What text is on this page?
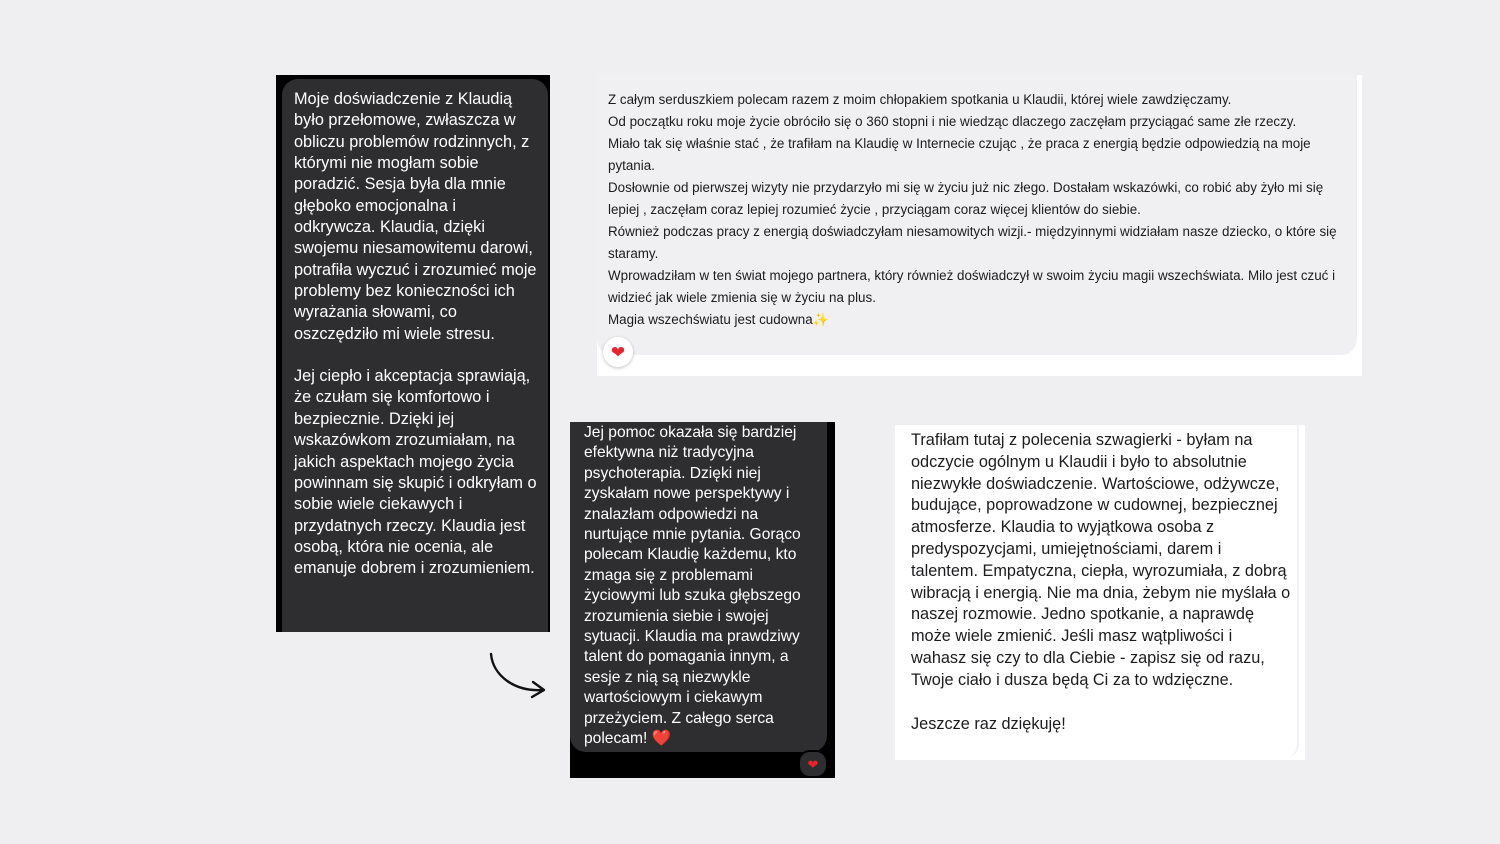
Moje doświadczenie z Klaudią było przełomowe, zwłaszcza w obliczu problemów rodzinnych, z którymi nie mogłam sobie poradzić. Sesja była dla mnie głęboko emocjonalna i odkrywcza. Klaudia, dzięki swojemu niesamowitemu darowi, potrafiła wyczuć i zrozumieć moje problemy bez konieczności ich wyrażania słowami, co oszczędziło mi wiele stresu.
Jej ciepło i akceptacja sprawiają, że czułam się komfortowo i bezpiecznie. Dzięki jej wskazówkom zrozumiałam, na jakich aspektach mojego życia powinnam się skupić i odkryłam o sobie wiele ciekawych i przydatnych rzeczy. Klaudia jest osobą, która nie ocenia, ale emanuje dobrem i zrozumieniem.
Z całym serduszkiem polecam razem z moim chłopakiem spotkania u Klaudii, której wiele zawdzięczamy.
Od początku roku moje życie obróciło się o 360 stopni i nie wiedząc dlaczego zaczęłam przyciągać same złe rzeczy.
Miało tak się właśnie stać , że trafiłam na Klaudię w Internecie czując , że praca z energią będzie odpowiedzią na moje pytania.
Dosłownie od pierwszej wizyty nie przydarzyło mi się w życiu już nic złego. Dostałam wskazówki, co robić aby żyło mi się lepiej , zaczęłam coraz lepiej rozumieć życie , przyciągam coraz więcej klientów do siebie.
Również podczas pracy z energią doświadczyłam niesamowitych wizji.- międzyinnymi widziałam nasze dziecko, o które się staramy.
Wprowadziłam w ten świat mojego partnera, który również doświadczył w swoim życiu magii wszechświata. Milo jest czuć i widzieć jak wiele zmienia się w życiu na plus.
Magia wszechświatu jest cudowna✨
❤
Jej pomoc okazała się bardziej efektywna niż tradycyjna psychoterapia. Dzięki niej zyskałam nowe perspektywy i znalazłam odpowiedzi na nurtujące mnie pytania. Gorąco polecam Klaudię każdemu, kto zmaga się z problemami życiowymi lub szuka głębszego zrozumienia siebie i swojej sytuacji. Klaudia ma prawdziwy talent do pomagania innym, a sesje z nią są niezwykle wartościowym i ciekawym przeżyciem. Z całego serca polecam! ❤️
❤
Trafiłam tutaj z polecenia szwagierki - byłam na odczycie ogólnym u Klaudii i było to absolutnie niezwykłe doświadczenie. Wartościowe, odżywcze, budujące, poprowadzone w cudownej, bezpiecznej atmosferze. Klaudia to wyjątkowa osoba z predyspozycjami, umiejętnościami, darem i talentem. Empatyczna, ciepła, wyrozumiała, z dobrą wibracją i energią. Nie ma dnia, żebym nie myślała o naszej rozmowie. Jedno spotkanie, a naprawdę może wiele zmienić. Jeśli masz wątpliwości i wahasz się czy to dla Ciebie - zapisz się od razu, Twoje ciało i dusza będą Ci za to wdzięczne.
Jeszcze raz dziękuję!
